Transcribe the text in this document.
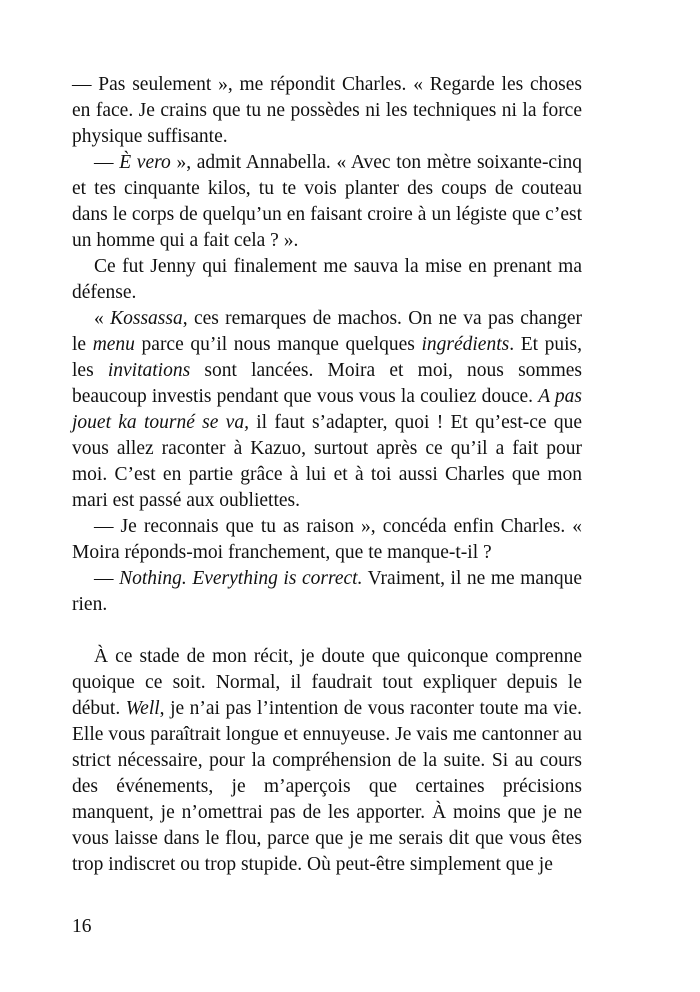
— Pas seulement », me répondit Charles. « Regarde les choses en face. Je crains que tu ne possèdes ni les techniques ni la force physique suffisante.

— È vero », admit Annabella. « Avec ton mètre soixante-cinq et tes cinquante kilos, tu te vois planter des coups de couteau dans le corps de quelqu’un en faisant croire à un légiste que c’est un homme qui a fait cela ? ».

Ce fut Jenny qui finalement me sauva la mise en prenant ma défense.

« Kossassa, ces remarques de machos. On ne va pas changer le menu parce qu’il nous manque quelques ingrédients. Et puis, les invitations sont lancées. Moira et moi, nous sommes beaucoup investis pendant que vous vous la couliez douce. A pas jouet ka tourné se va, il faut s’adapter, quoi ! Et qu’est-ce que vous allez raconter à Kazuo, surtout après ce qu’il a fait pour moi. C’est en partie grâce à lui et à toi aussi Charles que mon mari est passé aux oubliettes.

— Je reconnais que tu as raison », concéda enfin Charles. « Moira réponds-moi franchement, que te manque-t-il ?

— Nothing. Everything is correct. Vraiment, il ne me manque rien.

À ce stade de mon récit, je doute que quiconque comprenne quoique ce soit. Normal, il faudrait tout expliquer depuis le début. Well, je n’ai pas l’intention de vous raconter toute ma vie. Elle vous paraîtrait longue et ennuyeuse. Je vais me cantonner au strict nécessaire, pour la compréhension de la suite. Si au cours des événements, je m’aperçois que certaines précisions manquent, je n’omettrai pas de les apporter. À moins que je ne vous laisse dans le flou, parce que je me serais dit que vous êtes trop indiscret ou trop stupide. Où peut-être simplement que je

16
